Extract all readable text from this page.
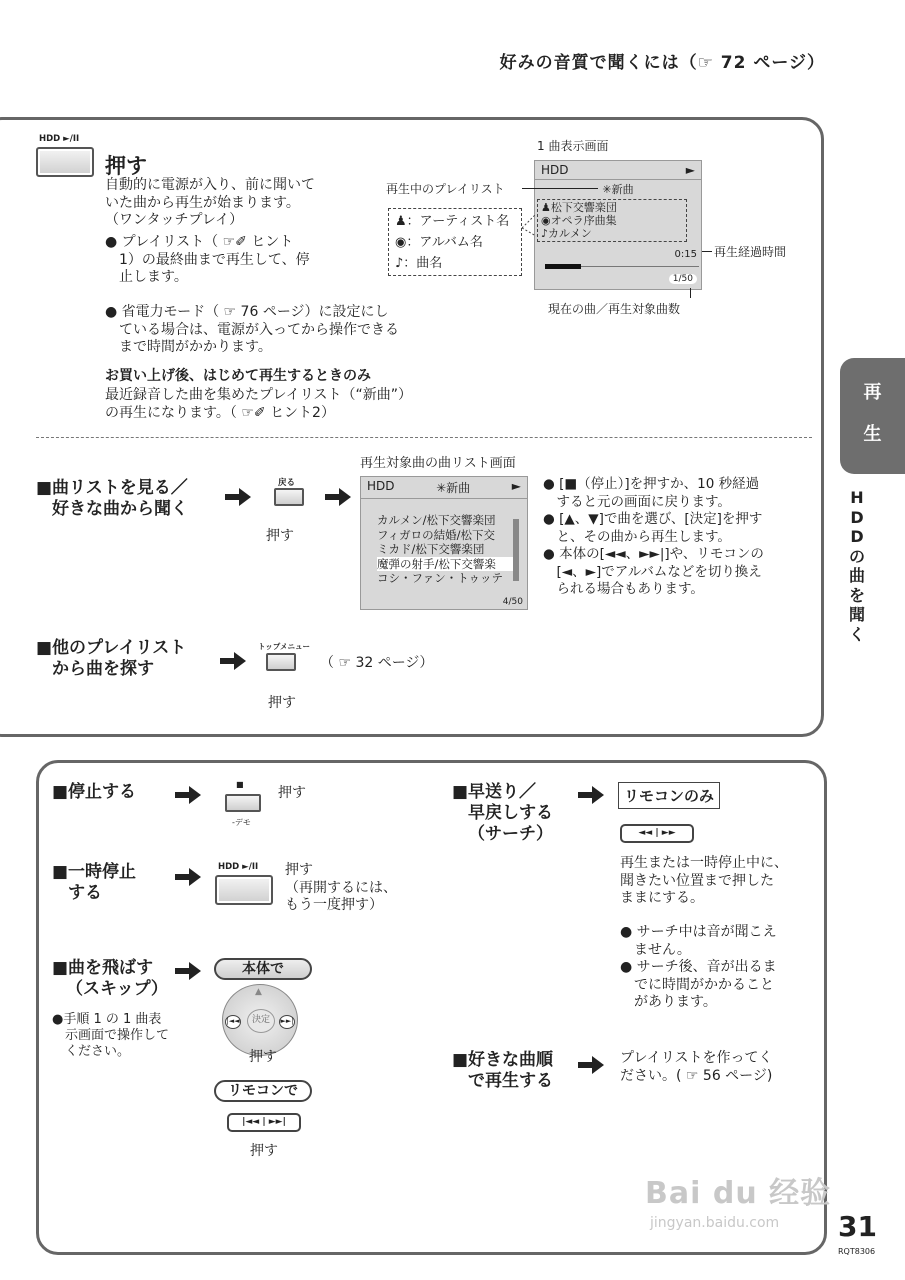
好みの音質で聞くには（☞ 72 ページ）
HDD ►/II
押す
自動的に電源が入り、前に聞いて
いた曲から再生が始まります。
（ワンタッチプレイ）
● プレイリスト（ ☞✐ ヒント
　1）の最終曲まで再生して、停
　止します。
● 省電力モード（ ☞ 76 ページ）に設定にし
　ている場合は、電源が入ってから操作できる
　まで時間がかかります。
お買い上げ後、はじめて再生するときのみ
最近録音した曲を集めたプレイリスト（“新曲”）
の再生になります。（ ☞✐ ヒント2）
1 曲表示画面
HDD	►
✳新曲
♟松下交響楽団
◉オペラ序曲集
♪カルメン
0:15
1/50
再生中のプレイリスト
再生経過時間
現在の曲／再生対象曲数
♟：アーティスト名
◉：アルバム名
♪：曲名
再生対象曲の曲リスト画面
■曲リストを見る／
好きな曲から聞く
戻る
押す
HDD	✳新曲	►
カルメン/松下交響楽団
フィガロの結婚/松下交
ミカド/松下交響楽団
魔弾の射手/松下交響楽
コシ・ファン・トゥッテ
4/50
● [■（停止）]を押すか、10 秒経過
　すると元の画面に戻ります。
● [▲、▼]で曲を選び、[決定]を押す
　と、その曲から再生します。
● 本体の[◄◄、►►|]や、リモコンの
　[◄、►]でアルバムなどを切り換え
　られる場合もあります。
■他のプレイリスト
から曲を探す
トップメニュー
（ ☞ 32 ページ）
押す
再
生
H
D
D
の
曲
を
聞
く
■停止する	■
-デモ
押す
■一時停止
する
HDD ►/II 押す
（再開するには、
もう一度押す）
■曲を飛ばす
（スキップ）
●手順 1 の 1 曲表
　示画面で操作して
　ください。
本体で
▲
決定
|◄◄	►►|
押す
リモコンで
|◄◄ | ►►|
押す
■早送り／
早戻しする
（サーチ）
リモコンのみ
◄◄ | ►►
再生または一時停止中に、
聞きたい位置まで押した
ままにする。
● サーチ中は音が聞こえ
　ません。
● サーチ後、音が出るま
　でに時間がかかること
　があります。
■好きな曲順
で再生する
プレイリストを作ってく
ださい。( ☞ 56 ページ)
Bai du 经验
jingyan.baidu.com 31
RQT8306
